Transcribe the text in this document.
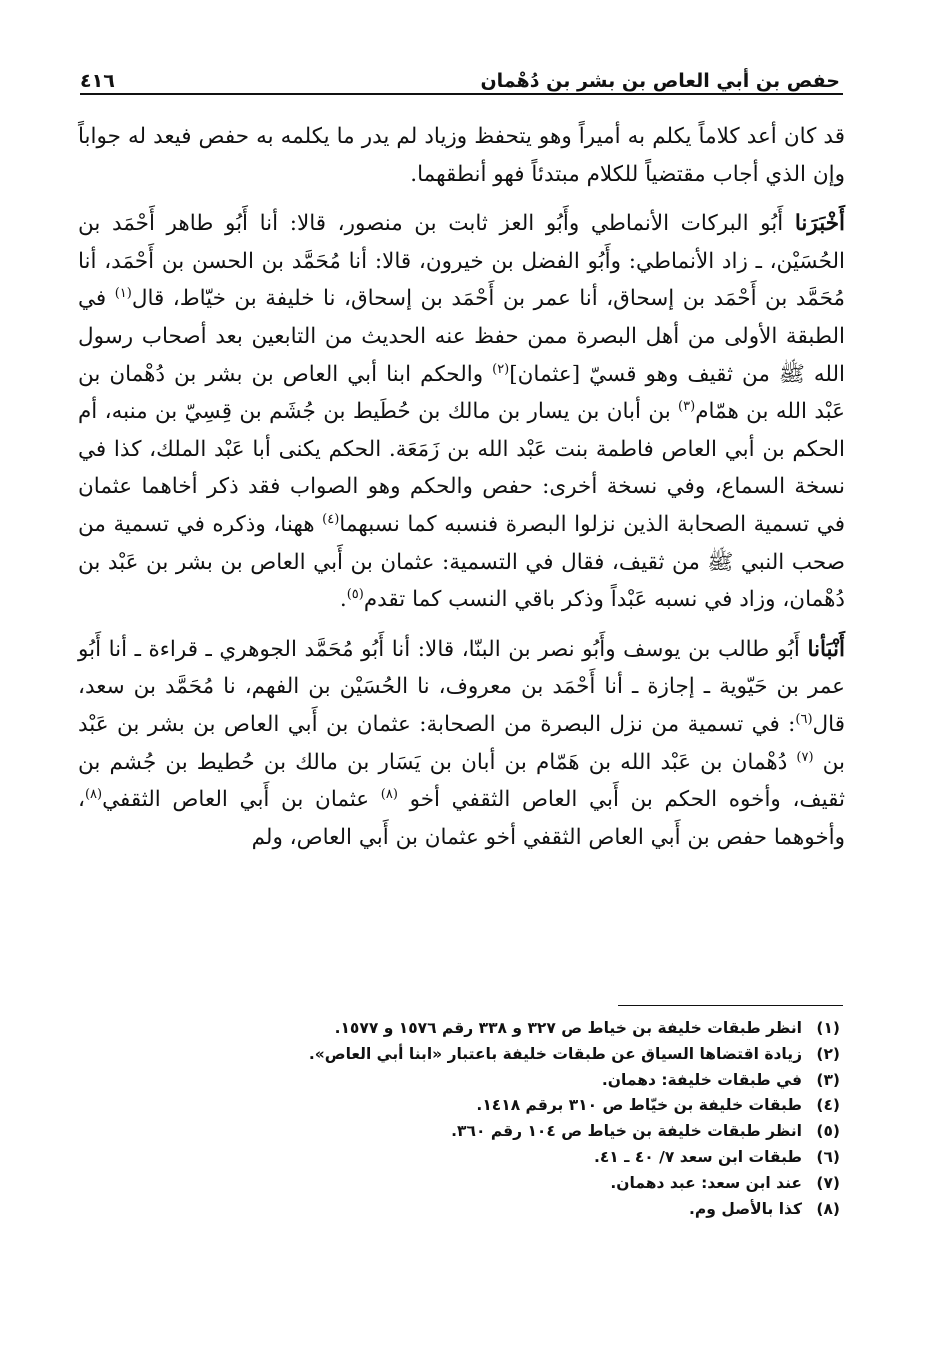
حفص بن أبي العاص بن بشر بن دُهْمان
٤١٦

قد كان أعد كلاماً يكلم به أميراً وهو يتحفظ وزياد لم يدر ما يكلمه به حفص فيعد له جواباً وإن الذي أجاب مقتضياً للكلام مبتدئاً فهو أنطقهما.

أَخْبَرَنا أَبُو البركات الأنماطي وأَبُو العز ثابت بن منصور، قالا: أنا أَبُو طاهر أَحْمَد بن الحُسَيْن، ـ زاد الأنماطي: وأَبُو الفضل بن خيرون، قالا: أنا مُحَمَّد بن الحسن بن أَحْمَد، أنا مُحَمَّد بن أَحْمَد بن إسحاق، أنا عمر بن أَحْمَد بن إسحاق، نا خليفة بن خيّاط، قال$^{(١)}$ في الطبقة الأولى من أهل البصرة ممن حفظ عنه الحديث من التابعين بعد أصحاب رسول الله ﷺ من ثقيف وهو قسيّ [عثمان]$^{(٢)}$ والحكم ابنا أبي العاص بن بشر بن دُهْمان بن عَبْد الله بن همّام$^{(٣)}$ بن أبان بن يسار بن مالك بن حُطَيط بن جُشَم بن قِسِيّ بن منبه، أم الحكم بن أبي العاص فاطمة بنت عَبْد الله بن زَمَعَة. الحكم يكنى أبا عَبْد الملك، كذا في نسخة السماع، وفي نسخة أخرى: حفص والحكم وهو الصواب فقد ذكر أخاهما عثمان في تسمية الصحابة الذين نزلوا البصرة فنسبه كما نسبهما$^{(٤)}$ ههنا، وذكره في تسمية من صحب النبي ﷺ من ثقيف، فقال في التسمية: عثمان بن أَبي العاص بن بشر بن عَبْد بن دُهْمان، وزاد في نسبه عَبْداً وذكر باقي النسب كما تقدم$^{(٥)}$.

أَنْبَأنا أَبُو طالب بن يوسف وأَبُو نصر بن البنّا، قالا: أنا أَبُو مُحَمَّد الجوهري ـ قراءة ـ أنا أَبُو عمر بن حَيّوية ـ إجازة ـ أنا أَحْمَد بن معروف، نا الحُسَيْن بن الفهم، نا مُحَمَّد بن سعد، قال$^{(٦)}$: في تسمية من نزل البصرة من الصحابة: عثمان بن أَبي العاص بن بشر بن عَبْد بن $^{(٧)}$ دُهْمان بن عَبْد الله بن هَمّام بن أبان بن يَسَار بن مالك بن حُطيط بن جُشم بن ثقيف، وأخوه الحكم بن أَبي العاص الثقفي أخو $^{(٨)}$ عثمان بن أَبي العاص الثقفي$^{(٨)}$، وأخوهما حفص بن أَبي العاص الثقفي أخو عثمان بن أَبي العاص، ولم

(١)
انظر طبقات خليفة بن خياط ص ٣٢٧ و ٣٣٨ رقم ١٥٧٦ و ١٥٧٧.
(٢)
زيادة اقتضاها السياق عن طبقات خليفة باعتبار «ابنا أبي العاص».
(٣)
في طبقات خليفة: دهمان.
(٤)
طبقات خليفة بن خيّاط ص ٣١٠ برقم ١٤١٨.
(٥)
انظر طبقات خليفة بن خياط ص ١٠٤ رقم ٣٦٠.
(٦)
طبقات ابن سعد ٧/ ٤٠ ـ ٤١.
(٧)
عند ابن سعد: عبد دهمان.
(٨)
كذا بالأصل وم.
